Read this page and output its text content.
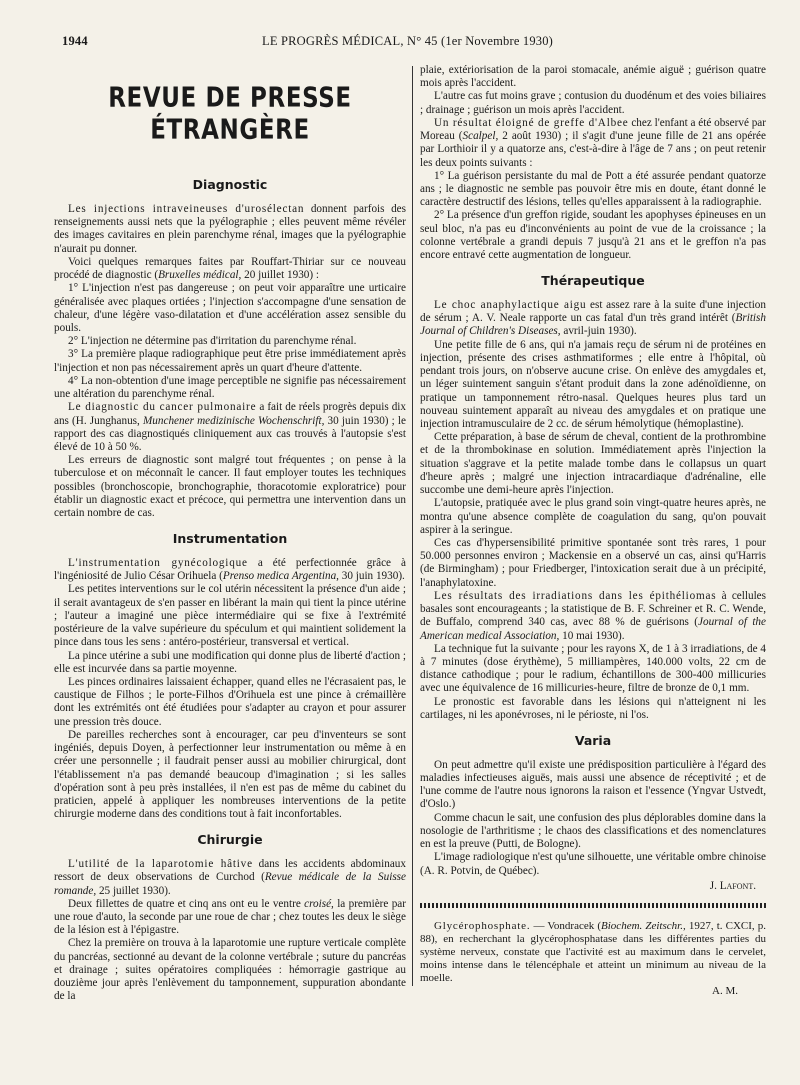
1944	LE PROGRÈS MÉDICAL, N° 45 (1er Novembre 1930)
REVUE DE PRESSE ÉTRANGÈRE
Diagnostic

Les injections intraveineuses d'urosélectan donnent parfois des renseignements aussi nets que la pyélographie ; elles peuvent même révéler des images cavitaires en plein parenchyme rénal, images que la pyélographie n'aurait pu donner.

Voici quelques remarques faites par Rouffart-Thiriar sur ce nouveau procédé de diagnostic (Bruxelles médical, 20 juillet 1930) :

1° L'injection n'est pas dangereuse ; on peut voir apparaître une urticaire généralisée avec plaques ortiées ; l'injection s'accompagne d'une sensation de chaleur, d'une légère vaso-dilatation et d'une accélération assez sensible du pouls.

2° L'injection ne détermine pas d'irritation du parenchyme rénal.

3° La première plaque radiographique peut être prise immédiatement après l'injection et non pas nécessairement après un quart d'heure d'attente.

4° La non-obtention d'une image perceptible ne signifie pas nécessairement une altération du parenchyme rénal.

Le diagnostic du cancer pulmonaire a fait de réels progrès depuis dix ans (H. Junghanus, Munchener medizinische Wochenschrift, 30 juin 1930) ; le rapport des cas diagnostiqués cliniquement aux cas trouvés à l'autopsie s'est élevé de 10 à 50 %.

Les erreurs de diagnostic sont malgré tout fréquentes ; on pense à la tuberculose et on méconnaît le cancer. Il faut employer toutes les techniques possibles (bronchoscopie, bronchographie, thoracotomie exploratrice) pour établir un diagnostic exact et précoce, qui permettra une intervention dans un certain nombre de cas.

Instrumentation

L'instrumentation gynécologique a été perfectionnée grâce à l'ingéniosité de Julio César Orihuela (Prenso medica Argentina, 30 juin 1930).

Les petites interventions sur le col utérin nécessitent la présence d'un aide ; il serait avantageux de s'en passer en libérant la main qui tient la pince utérine ; l'auteur a imaginé une pièce intermédiaire qui se fixe à l'extrémité postérieure de la valve supérieure du spéculum et qui maintient solidement la pince dans tous les sens : antéro-postérieur, transversal et vertical.

La pince utérine a subi une modification qui donne plus de liberté d'action ; elle est incurvée dans sa partie moyenne.

Les pinces ordinaires laissaient échapper, quand elles ne l'écrasaient pas, le caustique de Filhos ; le porte-Filhos d'Orihuela est une pince à crémaillère dont les extrémités ont été étudiées pour s'adapter au crayon et pour assurer une pression très douce.

De pareilles recherches sont à encourager, car peu d'inventeurs se sont ingéniés, depuis Doyen, à perfectionner leur instrumentation ou même à en créer une personnelle ; il faudrait penser aussi au mobilier chirurgical, dont l'établissement n'a pas demandé beaucoup d'imagination ; si les salles d'opération sont à peu près installées, il n'en est pas de même du cabinet du praticien, appelé à appliquer les nombreuses interventions de la petite chirurgie moderne dans des conditions tout à fait inconfortables.

Chirurgie

L'utilité de la laparotomie hâtive dans les accidents abdominaux ressort de deux observations de Curchod (Revue médicale de la Suisse romande, 25 juillet 1930).

Deux fillettes de quatre et cinq ans ont eu le ventre croisé, la première par une roue d'auto, la seconde par une roue de char ; chez toutes les deux le siège de la lésion est à l'épigastre.

Chez la première on trouva à la laparotomie une rupture verticale complète du pancréas, sectionné au devant de la colonne vertébrale ; suture du pancréas et drainage ; suites opératoires compliquées : hémorragie gastrique au douzième jour après l'enlèvement du tamponnement, suppuration abondante de la

plaie, extériorisation de la paroi stomacale, anémie aiguë ; guérison quatre mois après l'accident.

L'autre cas fut moins grave ; contusion du duodénum et des voies biliaires ; drainage ; guérison un mois après l'accident.

Un résultat éloigné de greffe d'Albee chez l'enfant a été observé par Moreau (Scalpel, 2 août 1930) ; il s'agit d'une jeune fille de 21 ans opérée par Lorthioir il y a quatorze ans, c'est-à-dire à l'âge de 7 ans ; on peut retenir les deux points suivants :

1° La guérison persistante du mal de Pott a été assurée pendant quatorze ans ; le diagnostic ne semble pas pouvoir être mis en doute, étant donné le caractère destructif des lésions, telles qu'elles apparaissent à la radiographie.

2° La présence d'un greffon rigide, soudant les apophyses épineuses en un seul bloc, n'a pas eu d'inconvénients au point de vue de la croissance ; la colonne vertébrale a grandi depuis 7 jusqu'à 21 ans et le greffon n'a pas encore entravé cette augmentation de longueur.

Thérapeutique

Le choc anaphylactique aigu est assez rare à la suite d'une injection de sérum ; A. V. Neale rapporte un cas fatal d'un très grand intérêt (British Journal of Children's Diseases, avril-juin 1930).

Une petite fille de 6 ans, qui n'a jamais reçu de sérum ni de protéines en injection, présente des crises asthmatiformes ; elle entre à l'hôpital, où pendant trois jours, on n'observe aucune crise. On enlève des amygdales et, un léger suintement sanguin s'étant produit dans la zone adénoïdienne, on pratique un tamponnement rétro-nasal. Quelques heures plus tard un nouveau suintement apparaît au niveau des amygdales et on pratique une injection intramusculaire de 2 cc. de sérum hémolytique (hémoplastine).

Cette préparation, à base de sérum de cheval, contient de la prothrombine et de la thrombokinase en solution. Immédiatement après l'injection la situation s'aggrave et la petite malade tombe dans le collapsus un quart d'heure après ; malgré une injection intracardiaque d'adrénaline, elle succombe une demi-heure après l'injection.

L'autopsie, pratiquée avec le plus grand soin vingt-quatre heures après, ne montra qu'une absence complète de coagulation du sang, qu'on pouvait aspirer à la seringue.

Ces cas d'hypersensibilité primitive spontanée sont très rares, 1 pour 50.000 personnes environ ; Mackensie en a observé un cas, ainsi qu'Harris (de Birmingham) ; pour Friedberger, l'intoxication serait due à un précipité, l'anaphylatoxine.

Les résultats des irradiations dans les épithéliomas à cellules basales sont encourageants ; la statistique de B. F. Schreiner et R. C. Wende, de Buffalo, comprend 340 cas, avec 88 % de guérisons (Journal of the American medical Association, 10 mai 1930).

La technique fut la suivante ; pour les rayons X, de 1 à 3 irradiations, de 4 à 7 minutes (dose érythème), 5 milliampères, 140.000 volts, 22 cm de distance cathodique ; pour le radium, échantillons de 300-400 millicuries avec une équivalence de 16 millicuries-heure, filtre de bronze de 0,1 mm.

Le pronostic est favorable dans les lésions qui n'atteignent ni les cartilages, ni les aponévroses, ni le périoste, ni l'os.

Varia

On peut admettre qu'il existe une prédisposition particulière à l'égard des maladies infectieuses aiguës, mais aussi une absence de réceptivité ; et de l'une comme de l'autre nous ignorons la raison et l'essence (Yngvar Ustvedt, d'Oslo.)

Comme chacun le sait, une confusion des plus déplorables domine dans la nosologie de l'arthritisme ; le chaos des classifications et des nomenclatures en est la preuve (Putti, de Bologne).

L'image radiologique n'est qu'une silhouette, une véritable ombre chinoise (A. R. Potvin, de Québec).

J. Lafont.

Glycérophosphate. — Vondracek (Biochem. Zeitschr., 1927, t. CXCI, p. 88), en recherchant la glycérophosphatase dans les différentes parties du système nerveux, constate que l'activité est au maximum dans le cervelet, moins intense dans le télencéphale et atteint un minimum au niveau de la moelle.

A. M.
